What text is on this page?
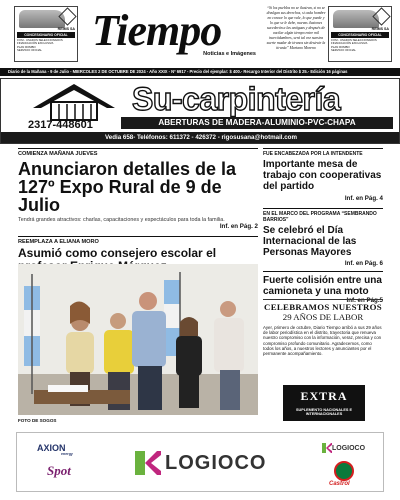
REIMS SA
CONCESIONARIO OFICIAL
0 KM - USADOS SELECCIONADOS
FINANCIACIÓN EXCLUSIVA
PLAN ROMBO
SERVICIO OFICIAL	Tiempo
Noticias e Imágenes
“Si los pueblos no se ilustran, si no se divulgan sus derechos, si cada hombre no conoce lo que vale, lo que puede y lo que se le debe, nuevas ilusiones sucederán a las antiguas y después de vacilar algún tiempo entre mil incertidumbres, será tal vez nuestra suerte mudar de tiranos sin destruir la tiranía” Mariano Moreno
REIMS SA
CONCESIONARIO OFICIAL
0 KM - USADOS SELECCIONADOS
FINANCIACIÓN EXCLUSIVA
PLAN ROMBO
SERVICIO OFICIAL
Diario de la Mañana - 9 de Julio - MIERCOLES 2 DE OCTUBRE DE 2024 - Año XXIX - Nº 6917 - Precio del ejemplar: $ 400.- Recargo Interior del Distrito $ 25.- Edición 16 páginas
Su-carpintería
2317-448601	ABERTURAS DE MADERA-ALUMINIO-PVC-CHAPA
Vedia 658- Teléfonos: 611372 - 426372 - rigosusana@hotmail.com
COMIENZA MAÑANA JUEVES
Anunciaron detalles de la 127º Expo Rural de 9 de Julio
Tendrá grandes atractivos: charlas, capacitaciones y espectáculos para toda la familia.
Inf. en Pág. 2
REEMPLAZA A ELIANA MORO
Asumió como consejero escolar el
FOTO DE SOGOS
FUE ENCABEZADA POR LA INTENDENTE
Importante mesa de trabajo con cooperativas del partido
Inf. en Pág. 4
EN EL MARCO DEL PROGRAMA “SEMBRANDO BARRIOS”
Se celebró el Día Internacional de las Personas Mayores
Inf. en Pág. 6
Fuerte colisión entre una camioneta y una moto
Inf. en Pág.5
CELEBRAMOS NUESTROS
29 AÑOS DE LABOR

Ayer, primero de octubre, Diario Tiempo arribó a sus 29 años de labor periodística en el distrito, trayectoria que renueva nuestro compromiso con la información, veraz, precisa y con compromiso profundo comunitario. Agradecemos, como todos los años, a nuestros lectores y anunciantes por el permanente acompañamiento.

EXTRA
SUPLEMENTO NACIONALES E INTERNACIONALES
AXION
energy
Spot	LOGIOCO
LOGIOCO
Castrol
